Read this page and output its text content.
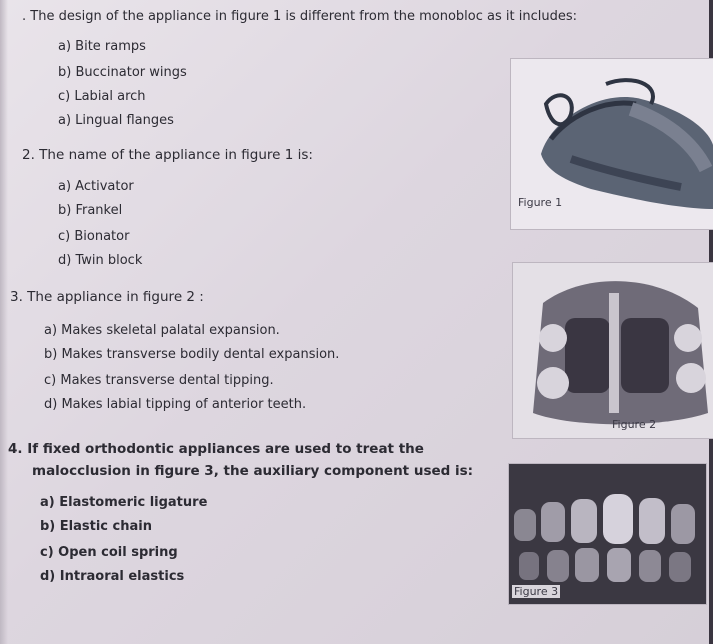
. The design of the appliance in figure 1 is different from the monobloc as it includes:
a) Bite ramps
b) Buccinator wings
c) Labial arch
a) Lingual flanges
2. The name of the appliance in figure 1 is:
a) Activator
b) Frankel
c) Bionator
d) Twin block
Figure 1
3. The appliance in figure 2 :
a) Makes skeletal palatal expansion.
b) Makes transverse bodily dental expansion.
c) Makes transverse dental tipping.
d) Makes labial tipping of anterior teeth.
Figure 2
4. If fixed orthodontic appliances are used to treat the
malocclusion in figure 3, the auxiliary component used is:
a) Elastomeric ligature
b) Elastic chain
c) Open coil spring
d) Intraoral elastics
Figure 3
